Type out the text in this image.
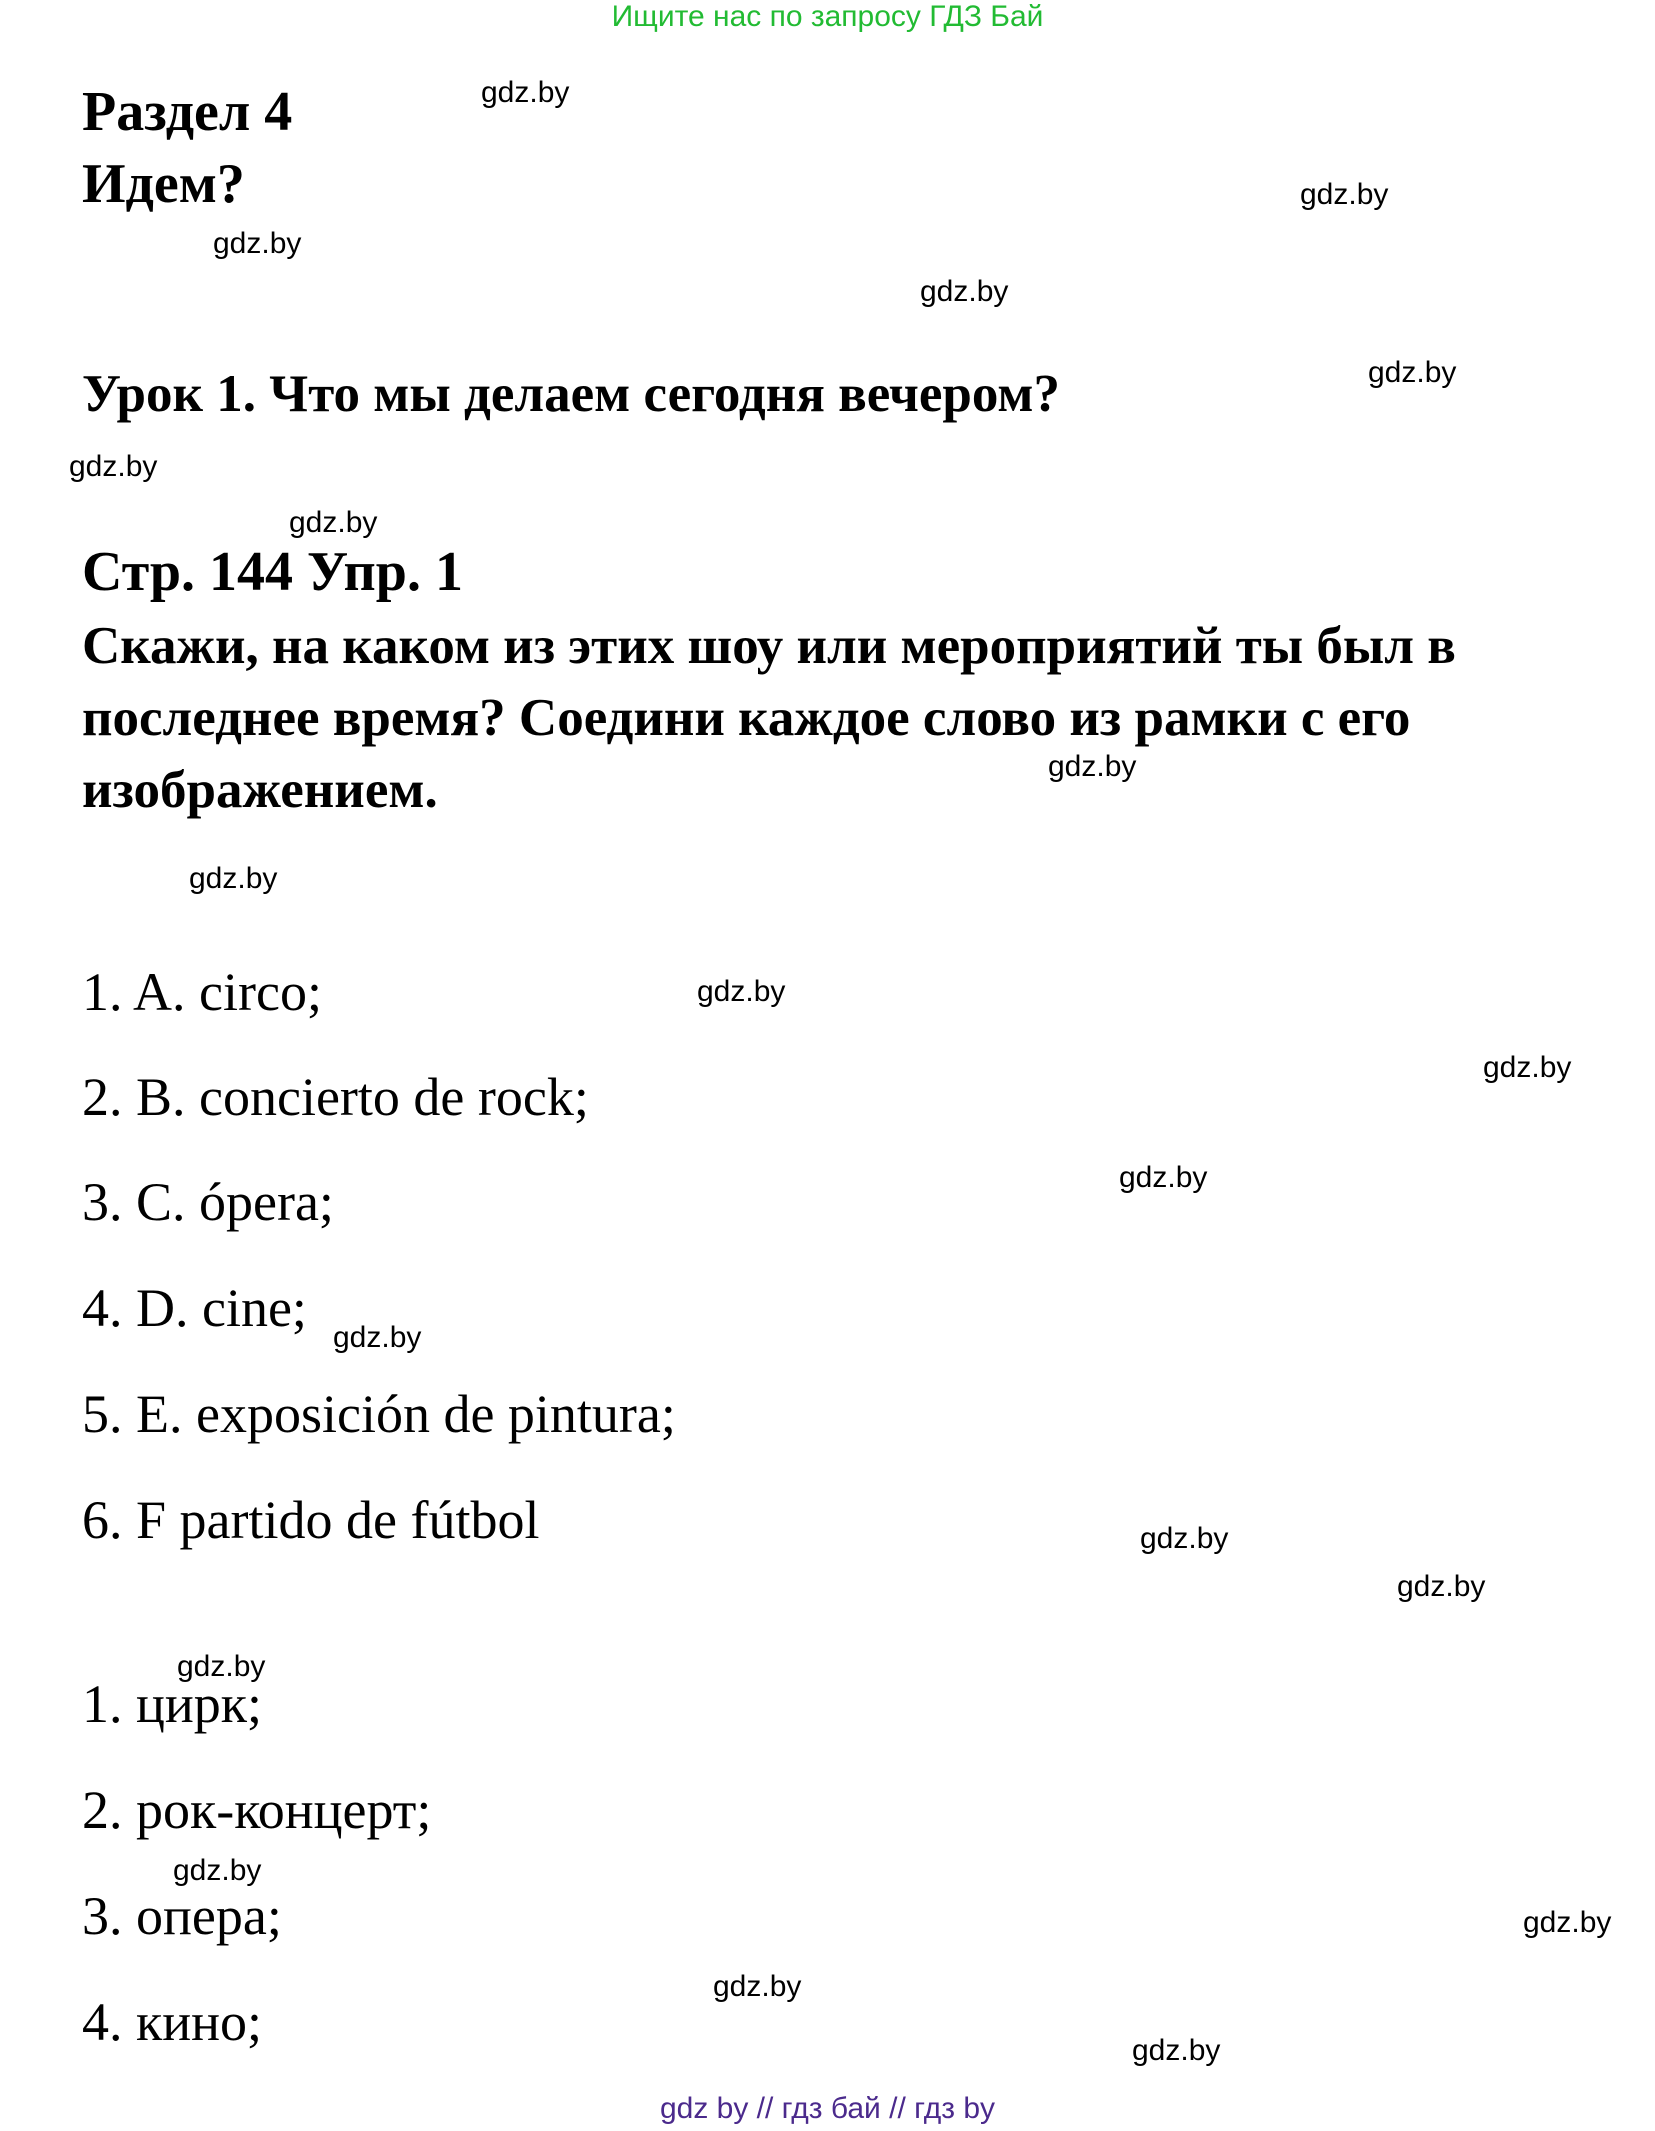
Ищите нас по запросу ГДЗ Бай
Раздел 4
Идем?
Урок 1. Что мы делаем сегодня вечером?
Стр. 144 Упр. 1

Скажи, на каком из этих шоу или мероприятий ты был в последнее время? Соедини каждое слово из рамки с его изображением.

1. A. circo;
2. B. concierto de rock;
3. C. ópera;
4. D. cine;
5. E. exposición de pintura;
6. F partido de fútbol
1. цирк;
2. рок-концерт;
3. опера;
4. кино;
gdz.by
gdz.by
gdz.by
gdz.by
gdz.by
gdz.by
gdz.by
gdz.by
gdz.by
gdz.by
gdz.by
gdz.by
gdz.by
gdz.by
gdz.by
gdz.by
gdz.by
gdz.by
gdz.by
gdz.by
gdz by // гдз бай // гдз by
